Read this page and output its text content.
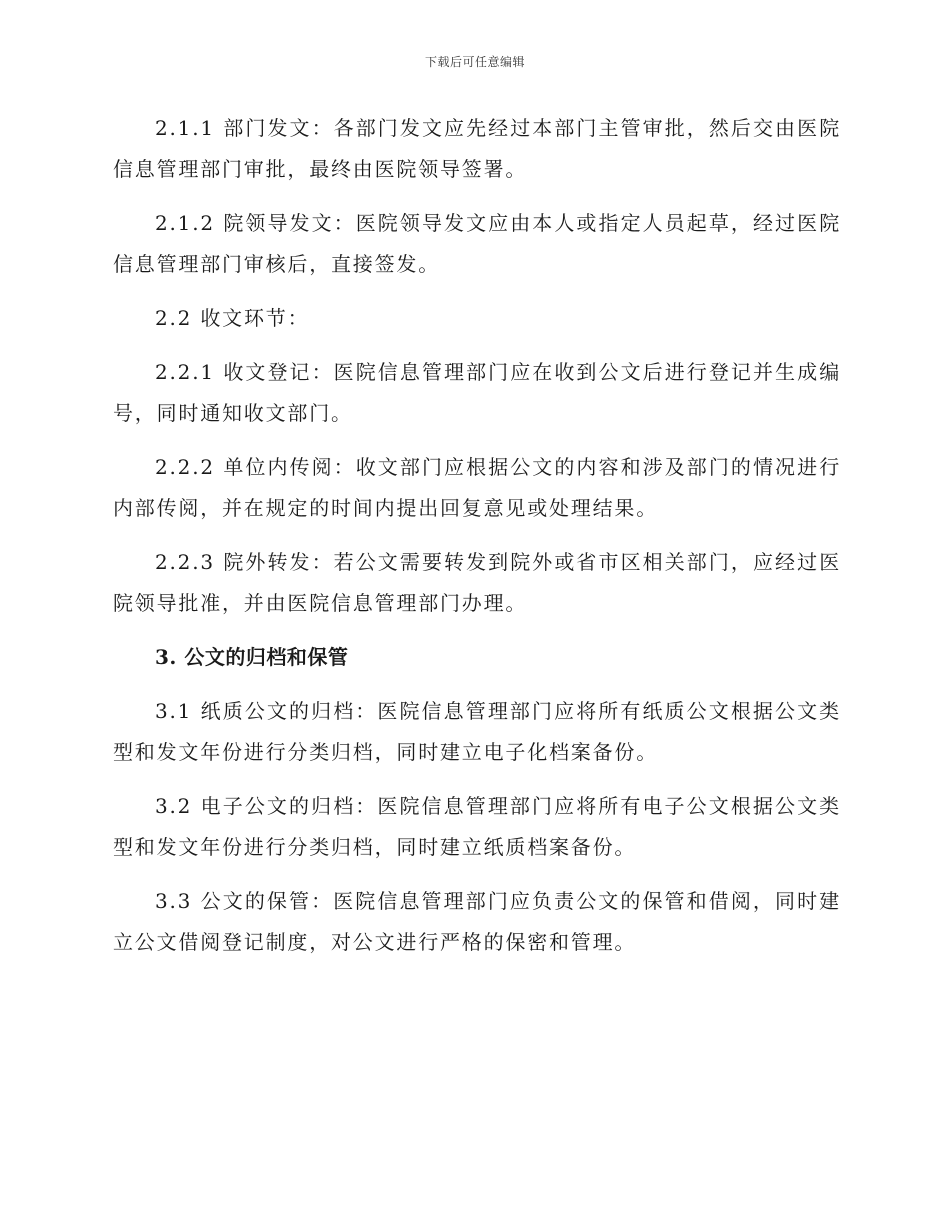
下载后可任意编辑

2.1.1 部门发文：各部门发文应先经过本部门主管审批，然后交由医院信息管理部门审批，最终由医院领导签署。

2.1.2 院领导发文：医院领导发文应由本人或指定人员起草，经过医院信息管理部门审核后，直接签发。

2.2 收文环节：

2.2.1 收文登记：医院信息管理部门应在收到公文后进行登记并生成编号，同时通知收文部门。

2.2.2 单位内传阅：收文部门应根据公文的内容和涉及部门的情况进行内部传阅，并在规定的时间内提出回复意见或处理结果。

2.2.3 院外转发：若公文需要转发到院外或省市区相关部门，应经过医院领导批准，并由医院信息管理部门办理。

3. 公文的归档和保管

3.1 纸质公文的归档：医院信息管理部门应将所有纸质公文根据公文类型和发文年份进行分类归档，同时建立电子化档案备份。

3.2 电子公文的归档：医院信息管理部门应将所有电子公文根据公文类型和发文年份进行分类归档，同时建立纸质档案备份。

3.3 公文的保管：医院信息管理部门应负责公文的保管和借阅，同时建立公文借阅登记制度，对公文进行严格的保密和管理。
